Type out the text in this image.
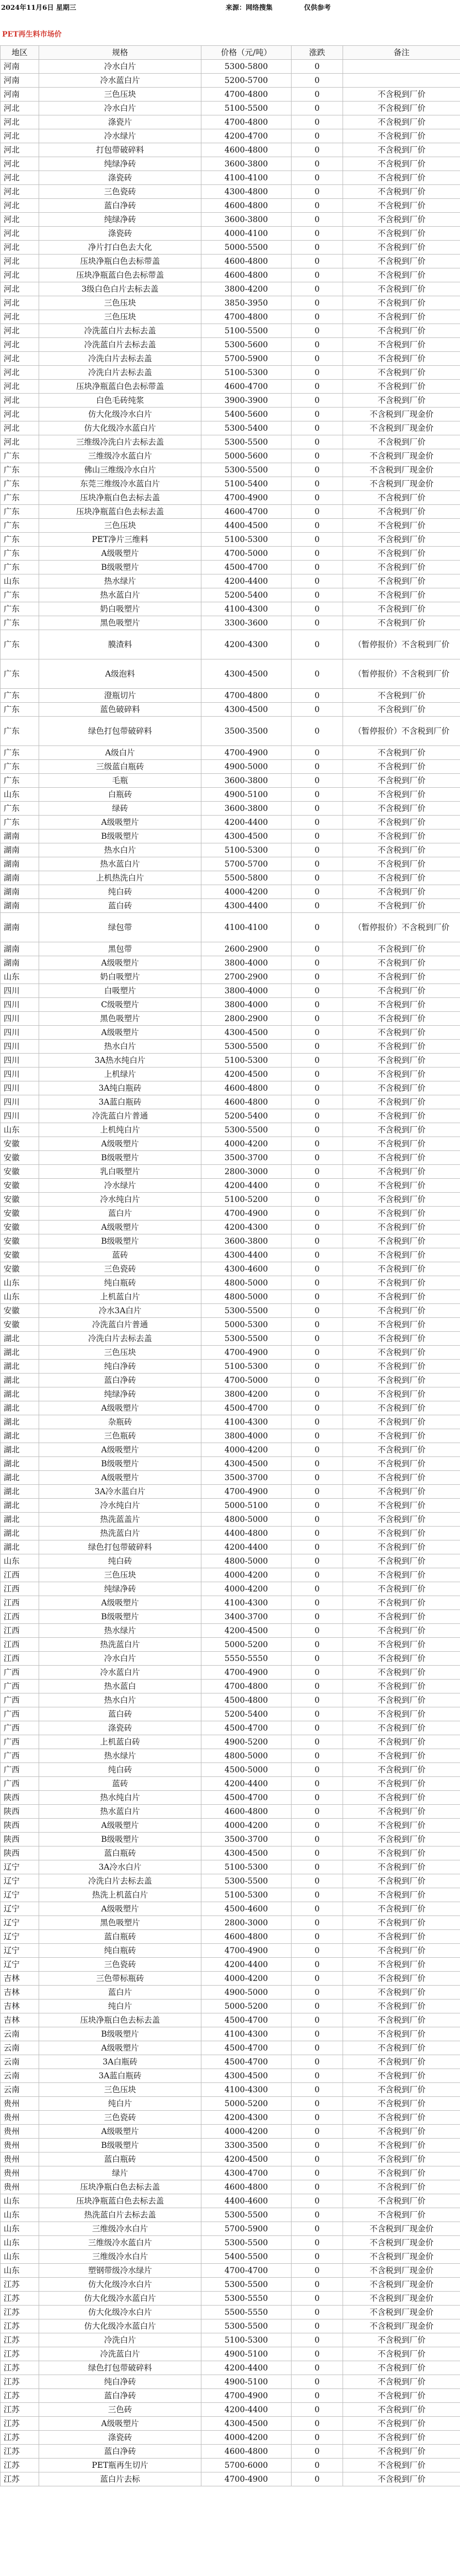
2024年11月6日 星期三	来源：网络搜集	仅供参考
PET再生料市场价
地区	规格	价格（元/吨）	涨跌	备注
河南	冷水白片	5300-5800	0	
河南	冷水蓝白片	5200-5700	0	
河南	三色压块	4700-4800	0	不含税到厂价
河北	冷水白片	5100-5500	0	不含税到厂价
河北	涤瓷片	4700-4800	0	不含税到厂价
河北	冷水绿片	4200-4700	0	不含税到厂价
河北	打包带破碎料	4600-4800	0	不含税到厂价
河北	纯绿净砖	3600-3800	0	不含税到厂价
河北	涤瓷砖	4100-4100	0	不含税到厂价
河北	三色瓷砖	4300-4800	0	不含税到厂价
河北	蓝白净砖	4600-4800	0	不含税到厂价
河北	纯绿净砖	3600-3800	0	不含税到厂价
河北	涤瓷砖	4000-4100	0	不含税到厂价
河北	净片打白色去大化	5000-5500	0	不含税到厂价
河北	压块净瓶白色去标带盖	4600-4800	0	不含税到厂价
河北	压块净瓶蓝白色去标带盖	4600-4800	0	不含税到厂价
河北	3级白色白片去标去盖	3800-4200	0	不含税到厂价
河北	三色压块	3850-3950	0	不含税到厂价
河北	三色压块	4700-4800	0	不含税到厂价
河北	冷洗蓝白片去标去盖	5100-5500	0	不含税到厂价
河北	冷洗蓝白片去标去盖	5300-5600	0	不含税到厂价
河北	冷洗白片去标去盖	5700-5900	0	不含税到厂价
河北	冷洗白片去标去盖	5100-5300	0	不含税到厂价
河北	压块净瓶蓝白色去标带盖	4600-4700	0	不含税到厂价
河北	白色毛砖纯浆	3900-3900	0	不含税到厂价
河北	仿大化级冷水白片	5400-5600	0	不含税到厂现金价
河北	仿大化级冷水蓝白片	5300-5400	0	不含税到厂现金价
河北	三维级冷洗白片去标去盖	5300-5500	0	不含税到厂价
广东	三维级冷水蓝白片	5000-5600	0	不含税到厂现金价
广东	佛山三维级冷水白片	5300-5500	0	不含税到厂现金价
广东	东莞三维级冷水蓝白片	5100-5400	0	不含税到厂现金价
广东	压块净瓶白色去标去盖	4700-4900	0	不含税到厂价
广东	压块净瓶蓝白色去标去盖	4600-4700	0	不含税到厂价
广东	三色压块	4400-4500	0	不含税到厂价
广东	PET净片三维料	5100-5300	0	不含税到厂价
广东	A级吸塑片	4700-5000	0	不含税到厂价
广东	B级吸塑片	4500-4700	0	不含税到厂价
山东	热水绿片	4200-4400	0	不含税到厂价
广东	热水蓝白片	5200-5400	0	不含税到厂价
广东	奶白吸塑片	4100-4300	0	不含税到厂价
广东	黑色吸塑片	3300-3600	0	不含税到厂价
广东	膜渣料	4200-4300	0	（暂停报价）不含税到厂价
广东	A级泡料	4300-4500	0	（暂停报价）不含税到厂价
广东	澄瓶切片	4700-4800	0	不含税到厂价
广东	蓝色破碎料	4300-4500	0	不含税到厂价
广东	绿色打包带破碎料	3500-3500	0	（暂停报价）不含税到厂价
广东	A级白片	4700-4900	0	不含税到厂价
广东	三级蓝白瓶砖	4900-5000	0	不含税到厂价
广东	毛瓶	3600-3800	0	不含税到厂价
山东	白瓶砖	4900-5100	0	不含税到厂价
广东	绿砖	3600-3800	0	不含税到厂价
广东	A级吸塑片	4200-4400	0	不含税到厂价
湖南	B级吸塑片	4300-4500	0	不含税到厂价
湖南	热水白片	5100-5300	0	不含税到厂价
湖南	热水蓝白片	5700-5700	0	不含税到厂价
湖南	上机热洗白片	5500-5800	0	不含税到厂价
湖南	纯白砖	4000-4200	0	不含税到厂价
湖南	蓝白砖	4300-4400	0	不含税到厂价
湖南	绿包带	4100-4100	0	（暂停报价）不含税到厂价
湖南	黑包带	2600-2900	0	不含税到厂价
湖南	A级吸塑片	3800-4000	0	不含税到厂价
山东	奶白吸塑片	2700-2900	0	不含税到厂价
四川	白吸塑片	3800-4000	0	不含税到厂价
四川	C级吸塑片	3800-4000	0	不含税到厂价
四川	黑色吸塑片	2800-2900	0	不含税到厂价
四川	A级吸塑片	4300-4500	0	不含税到厂价
四川	热水白片	5300-5500	0	不含税到厂价
四川	3A热水纯白片	5100-5300	0	不含税到厂价
四川	上机绿片	4200-4500	0	不含税到厂价
四川	3A纯白瓶砖	4600-4800	0	不含税到厂价
四川	3A蓝白瓶砖	4600-4800	0	不含税到厂价
四川	冷洗蓝白片普通	5200-5400	0	不含税到厂价
山东	上机纯白片	5300-5500	0	不含税到厂价
安徽	A级吸塑片	4000-4200	0	不含税到厂价
安徽	B级吸塑片	3500-3700	0	不含税到厂价
安徽	乳白吸塑片	2800-3000	0	不含税到厂价
安徽	冷水绿片	4200-4400	0	不含税到厂价
安徽	冷水纯白片	5100-5200	0	不含税到厂价
安徽	蓝白片	4700-4900	0	不含税到厂价
安徽	A级吸塑片	4200-4300	0	不含税到厂价
安徽	B级吸塑片	3600-3800	0	不含税到厂价
安徽	蓝砖	4300-4400	0	不含税到厂价
安徽	三色瓷砖	4300-4600	0	不含税到厂价
山东	纯白瓶砖	4800-5000	0	不含税到厂价
山东	上机蓝白片	4800-5000	0	不含税到厂价
安徽	冷水3A白片	5300-5500	0	不含税到厂价
安徽	冷洗蓝白片普通	5000-5300	0	不含税到厂价
湖北	冷洗白片去标去盖	5300-5500	0	不含税到厂价
湖北	三色压块	4700-4900	0	不含税到厂价
湖北	纯白净砖	5100-5300	0	不含税到厂价
湖北	蓝白净砖	4700-5000	0	不含税到厂价
湖北	纯绿净砖	3800-4200	0	不含税到厂价
湖北	A级吸塑片	4500-4700	0	不含税到厂价
湖北	杂瓶砖	4100-4300	0	不含税到厂价
湖北	三色瓶砖	3800-4000	0	不含税到厂价
湖北	A级吸塑片	4000-4200	0	不含税到厂价
湖北	B级吸塑片	4300-4500	0	不含税到厂价
湖北	A级吸塑片	3500-3700	0	不含税到厂价
湖北	3A冷水蓝白片	4700-4900	0	不含税到厂价
湖北	冷水纯白片	5000-5100	0	不含税到厂价
湖北	热洗蓝盖片	4800-5000	0	不含税到厂价
湖北	热洗蓝白片	4400-4800	0	不含税到厂价
湖北	绿色打包带破碎料	4200-4400	0	不含税到厂价
山东	纯白砖	4800-5000	0	不含税到厂价
江西	三色压块	4000-4200	0	不含税到厂价
江西	纯绿净砖	4000-4200	0	不含税到厂价
江西	A级吸塑片	4100-4300	0	不含税到厂价
江西	B级吸塑片	3400-3700	0	不含税到厂价
江西	热水绿片	4200-4500	0	不含税到厂价
江西	热洗蓝白片	5000-5200	0	不含税到厂价
江西	冷水白片	5550-5550	0	不含税到厂价
广西	冷水蓝白片	4700-4900	0	不含税到厂价
广西	热水蓝白	4700-4800	0	不含税到厂价
广西	热水白片	4500-4800	0	不含税到厂价
广西	蓝白砖	5200-5400	0	不含税到厂价
广西	涤瓷砖	4500-4700	0	不含税到厂价
广西	上机蓝白砖	4900-5200	0	不含税到厂价
广西	热水绿片	4800-5000	0	不含税到厂价
广西	纯白砖	4500-5000	0	不含税到厂价
广西	蓝砖	4200-4400	0	不含税到厂价
陕西	热水纯白片	4500-4700	0	不含税到厂价
陕西	热水蓝白片	4600-4800	0	不含税到厂价
陕西	A级吸塑片	4000-4200	0	不含税到厂价
陕西	B级吸塑片	3500-3700	0	不含税到厂价
陕西	蓝白瓶砖	4300-4500	0	不含税到厂价
辽宁	3A冷水白片	5100-5300	0	不含税到厂价
辽宁	冷洗白片去标去盖	5300-5500	0	不含税到厂价
辽宁	热洗上机蓝白片	5100-5300	0	不含税到厂价
辽宁	A级吸塑片	4500-4600	0	不含税到厂价
辽宁	黑色吸塑片	2800-3000	0	不含税到厂价
辽宁	蓝白瓶砖	4600-4800	0	不含税到厂价
辽宁	纯白瓶砖	4700-4900	0	不含税到厂价
辽宁	三色瓷砖	4200-4400	0	不含税到厂价
吉林	三色带标瓶砖	4000-4200	0	不含税到厂价
吉林	蓝白片	4900-5000	0	不含税到厂价
吉林	纯白片	5000-5200	0	不含税到厂价
吉林	压块净瓶白色去标去盖	4500-4700	0	不含税到厂价
云南	B级吸塑片	4100-4300	0	不含税到厂价
云南	A级吸塑片	4500-4700	0	不含税到厂价
云南	3A白瓶砖	4500-4700	0	不含税到厂价
云南	3A蓝白瓶砖	4300-4500	0	不含税到厂价
云南	三色压块	4100-4300	0	不含税到厂价
贵州	纯白片	5000-5200	0	不含税到厂价
贵州	三色瓷砖	4200-4300	0	不含税到厂价
贵州	A级吸塑片	4000-4200	0	不含税到厂价
贵州	B级吸塑片	3300-3500	0	不含税到厂价
贵州	蓝白瓶砖	4200-4500	0	不含税到厂价
贵州	绿片	4300-4700	0	不含税到厂价
贵州	压块净瓶白色去标去盖	4600-4800	0	不含税到厂价
山东	压块净瓶蓝白色去标去盖	4400-4600	0	不含税到厂价
山东	热洗蓝白片去标去盖	5300-5500	0	不含税到厂价
山东	三维级冷水白片	5700-5900	0	不含税到厂现金价
山东	三维级冷水蓝白片	5300-5500	0	不含税到厂现金价
山东	三维级冷水白片	5400-5500	0	不含税到厂现金价
山东	塑钢带级冷水绿片	4700-4700	0	不含税到厂现金价
江苏	仿大化级冷水白片	5300-5500	0	不含税到厂现金价
江苏	仿大化级冷水蓝白片	5300-5550	0	不含税到厂现金价
江苏	仿大化级冷水白片	5500-5550	0	不含税到厂现金价
江苏	仿大化级冷水蓝白片	5300-5500	0	不含税到厂现金价
江苏	冷洗白片	5100-5300	0	不含税到厂价
江苏	冷洗蓝白片	4900-5100	0	不含税到厂价
江苏	绿色打包带破碎料	4200-4400	0	不含税到厂价
江苏	纯白净砖	4900-5100	0	不含税到厂价
江苏	蓝白净砖	4700-4900	0	不含税到厂价
江苏	三色砖	4200-4400	0	不含税到厂价
江苏	A级吸塑片	4300-4500	0	不含税到厂价
江苏	涤瓷砖	4000-4200	0	不含税到厂价
江苏	蓝白净砖	4600-4800	0	不含税到厂价
江苏	PET瓶再生切片	5700-6000	0	不含税到厂价
江苏	蓝白片去标	4700-4900	0	不含税到厂价
